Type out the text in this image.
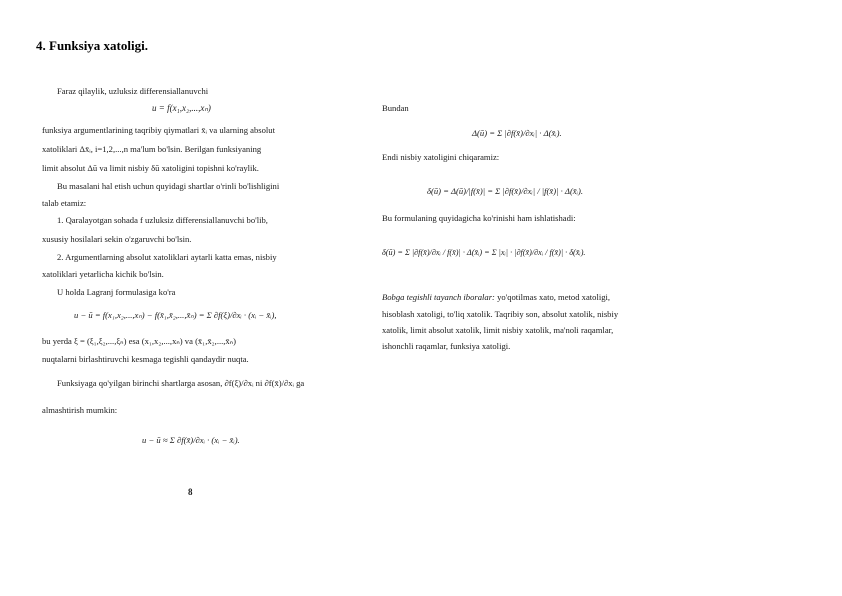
4. Funksiya xatoligi.
Faraz qilaylik, uzluksiz differensiallanuvchi
u = f(x₁,x₂,...,xₙ)
funksiya argumentlarining taqribiy qiymatlari x̄ᵢ va ularning absolut
xatoliklari Δx̄ᵢ, i=1,2,...,n ma'lum bo'lsin. Berilgan funksiyaning
limit absolut Δū va limit nisbiy δū xatoligini topishni ko'raylik.
Bu masalani hal etish uchun quyidagi shartlar o'rinli bo'lishligini
talab etamiz:
1. Qaralayotgan sohada f uzluksiz differensiallanuvchi bo'lib,
xususiy hosilalari sekin o'zgaruvchi bo'lsin.
2. Argumentlarning absolut xatoliklari aytarli katta emas, nisbiy
xatoliklari yetarlicha kichik bo'lsin.
U holda Lagranj formulasiga ko'ra
u − ū = f(x₁,x₂,...,xₙ) − f(x̄₁,x̄₂,...,x̄ₙ) = Σ ∂f(ξ)/∂xᵢ · (xᵢ − x̄ᵢ),
bu yerda ξ = (ξ₁,ξ₂,...,ξₙ) esa (x₁,x₂,...,xₙ) va (x̄₁,x̄₂,...,x̄ₙ)
nuqtalarni birlashtiruvchi kesmaga tegishli qandaydir nuqta.
Funksiyaga qo'yilgan birinchi shartlarga asosan, ∂f(ξ)/∂xᵢ ni ∂f(x̄)/∂xᵢ ga
almashtirish mumkin:
u − ū ≈ Σ ∂f(x̄)/∂xᵢ · (xᵢ − x̄ᵢ).
8
Bundan
Δ(ū) = Σ |∂f(x̄)/∂xᵢ| · Δ(x̄ᵢ).
Endi nisbiy xatoligini chiqaramiz:
δ(ū) = Δ(ū)/|f(x̄)| = Σ |∂f(x̄)/∂xᵢ| / |f(x̄)| · Δ(x̄ᵢ).
Bu formulaning quyidagicha ko'rinishi ham ishlatishadi:
δ(ū) = Σ |∂f(x̄)/∂xᵢ / f(x̄)| · Δ(x̄ᵢ) = Σ |xᵢ| · |∂f(x̄)/∂xᵢ / f(x̄)| · δ(x̄ᵢ).
Bobga tegishli tayanch iboralar: yo'qotilmas xato, metod xatoligi,
hisoblash xatoligi, to'liq xatolik. Taqribiy son, absolut xatolik, nisbiy
xatolik, limit absolut xatolik, limit nisbiy xatolik, ma'noli raqamlar,
ishonchli raqamlar, funksiya xatoligi.
